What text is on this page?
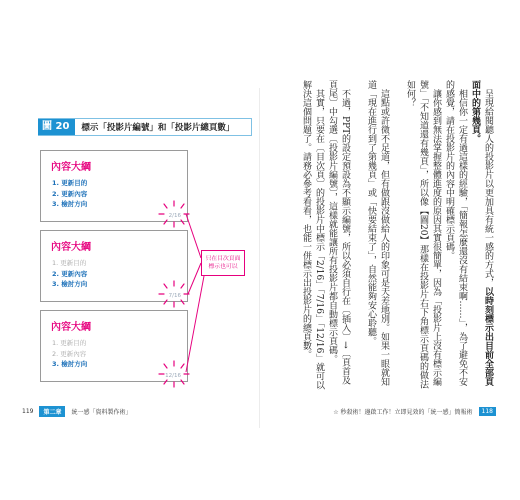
圖 20	標示「投影片編號」和「投影片總頁數」
內容大綱
1. 更新目的
2. 更新內容
3. 檢討方向
2/16
內容大綱
1. 更新目的
2. 更新內容
3. 檢討方向
7/16
內容大綱
1. 更新目的
2. 更新內容
3. 檢討方向
12/16
只在目次頁面
標示也可以
119	第二章	統一感「資料製作術」

呈現給閱聽人的投影片以更加具有統一感的方式，以時刻標示出目前全部頁面中的第幾頁。

相信你一定有過這樣的經驗，「簡報怎麼還沒有結束啊……」，為了避免不安的感覺，請在投影片的內容中明確標示頁碼。

讓你感到無法掌握整體進度的原因其實很簡單，因為「投影片上沒有標示編號」「不知道還有幾頁」，所以像【圖20】那樣在投影片右下角標示頁碼的做法如何？

這點或許微不足道，但有做跟沒做給人的印象可是天差地別。如果一眼就知道「現在進行到了第幾頁」或「快要結束了」，自然能夠安心聆聽。

不過，PPT的設定預設為不顯示編號，所以必須自行在〔插入〕→〔頁首及頁尾〕中勾選〔投影片編號〕，這樣就能讓所有投影片都自動標示頁碼。

其實，只要在〔目次頁〕的投影片中標示「2/16」「7/16」「12/16」就可以解決這個問題了。請務必參考看看，也能一併標示出投影片的總頁數。

☆ 秒殺術！邊啟工作！立即見效的「統一感」簡報術	118
